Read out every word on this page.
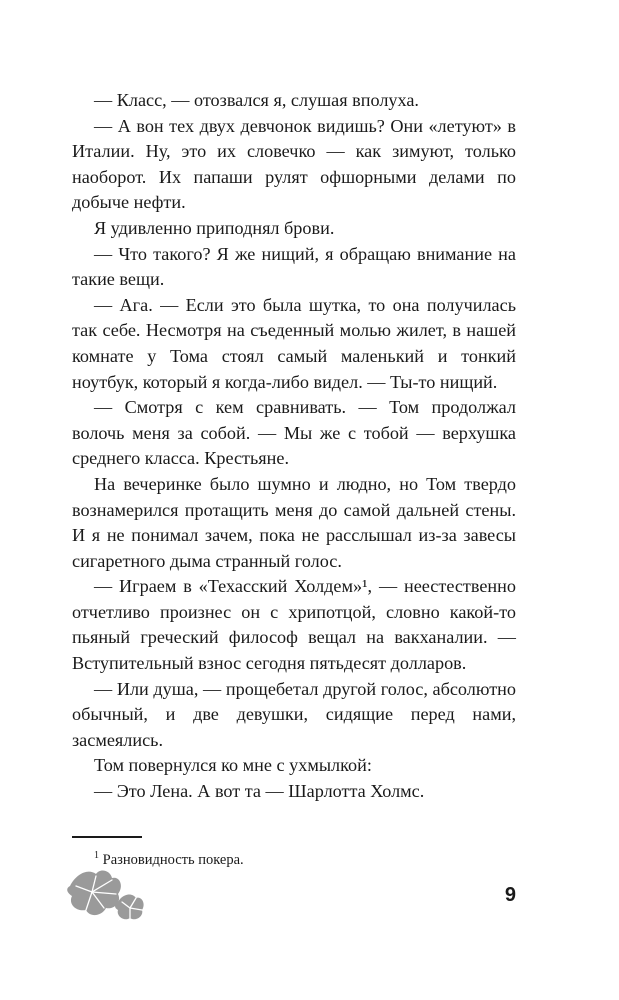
— Класс, — отозвался я, слушая вполуха.

— А вон тех двух девчонок видишь? Они «летуют» в Италии. Ну, это их словечко — как зимуют, только наоборот. Их папаши рулят офшорными делами по добыче нефти.

Я удивленно приподнял брови.

— Что такого? Я же нищий, я обращаю внимание на такие вещи.

— Ага. — Если это была шутка, то она получилась так себе. Несмотря на съеденный молью жилет, в нашей комнате у Тома стоял самый маленький и тонкий ноутбук, который я когда-либо видел. — Ты-то нищий.

— Смотря с кем сравнивать. — Том продолжал волочь меня за собой. — Мы же с тобой — верхушка среднего класса. Крестьяне.

На вечеринке было шумно и людно, но Том твердо вознамерился протащить меня до самой дальней стены. И я не понимал зачем, пока не расслышал из-за завесы сигаретного дыма странный голос.

— Играем в «Техасский Холдем»¹, — неестественно отчетливо произнес он с хрипотцой, словно какой-то пьяный греческий философ вещал на вакханалии. — Вступительный взнос сегодня пятьдесят долларов.

— Или душа, — прощебетал другой голос, абсолютно обычный, и две девушки, сидящие перед нами, засмеялись.

Том повернулся ко мне с ухмылкой:

— Это Лена. А вот та — Шарлотта Холмс.

$^1$ Разновидность покера.
9
